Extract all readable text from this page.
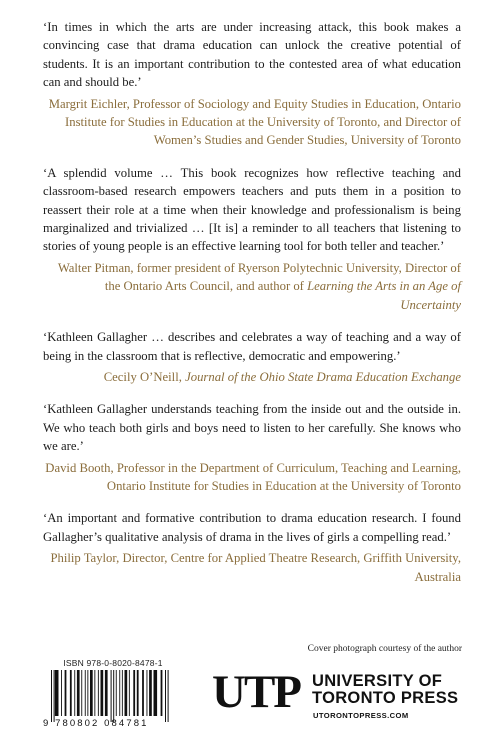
‘In times in which the arts are under increasing attack, this book makes a convincing case that drama education can unlock the creative potential of students. It is an important contribution to the contested area of what education can and should be.’

Margrit Eichler, Professor of Sociology and Equity Studies in Education, Ontario Institute for Studies in Education at the University of Toronto, and Director of Women’s Studies and Gender Studies, University of Toronto

‘A splendid volume … This book recognizes how reflective teaching and classroom-based research empowers teachers and puts them in a position to reassert their role at a time when their knowledge and professionalism is being marginalized and trivialized … [It is] a reminder to all teachers that listening to stories of young people is an effective learning tool for both teller and teacher.’

Walter Pitman, former president of Ryerson Polytechnic University, Director of the Ontario Arts Council, and author of Learning the Arts in an Age of Uncertainty

‘Kathleen Gallagher … describes and celebrates a way of teaching and a way of being in the classroom that is reflective, democratic and empowering.’

Cecily O’Neill, Journal of the Ohio State Drama Education Exchange

‘Kathleen Gallagher understands teaching from the inside out and the outside in. We who teach both girls and boys need to listen to her carefully. She knows who we are.’

David Booth, Professor in the Department of Curriculum, Teaching and Learning, Ontario Institute for Studies in Education at the University of Toronto

‘An important and formative contribution to drama education research. I found Gallagher’s qualitative analysis of drama in the lives of girls a compelling read.’

Philip Taylor, Director, Centre for Applied Theatre Research, Griffith University, Australia

Cover photograph courtesy of the author
ISBN 978-0-8020-8478-1
9 780802 084781
UTP UNIVERSITY OF
TORONTO PRESS
UTORONTOPRESS.COM
